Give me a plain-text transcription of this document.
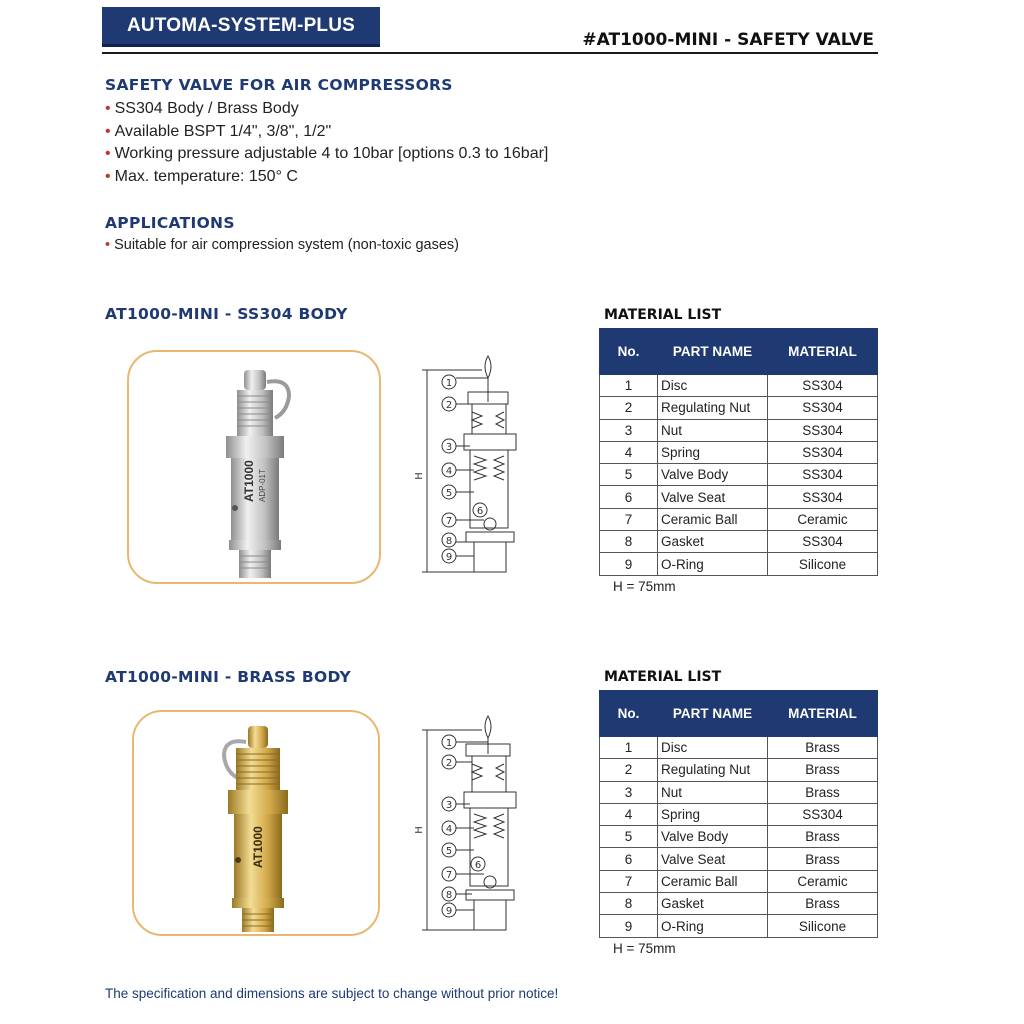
AUTOMA-SYSTEM-PLUS
#AT1000-MINI - SAFETY VALVE
SAFETY VALVE FOR AIR COMPRESSORS
• SS304 Body / Brass Body
• Available BSPT 1/4", 3/8", 1/2"
• Working pressure adjustable 4 to 10bar [options 0.3 to 16bar]
• Max. temperature: 150° C
APPLICATIONS
• Suitable for air compression system (non-toxic gases)
AT1000-MINI - SS304 BODY
AT1000 ADP-01T
1
2
3
4
5
6
7
8
9
H
MATERIAL LIST
No.	PART NAME	MATERIAL
1	Disc	SS304
2	Regulating Nut	SS304
3	Nut	SS304
4	Spring	SS304
5	Valve Body	SS304
6	Valve Seat	SS304
7	Ceramic Ball	Ceramic
8	Gasket	SS304
9	O-Ring	Silicone
H = 75mm
AT1000-MINI - BRASS BODY
AT1000
1
2
3
4
5
6
7
8
9
H
MATERIAL LIST
No.	PART NAME	MATERIAL
1	Disc	Brass
2	Regulating Nut	Brass
3	Nut	Brass
4	Spring	SS304
5	Valve Body	Brass
6	Valve Seat	Brass
7	Ceramic Ball	Ceramic
8	Gasket	Brass
9	O-Ring	Silicone
H = 75mm
The specification and dimensions are subject to change without prior notice!
